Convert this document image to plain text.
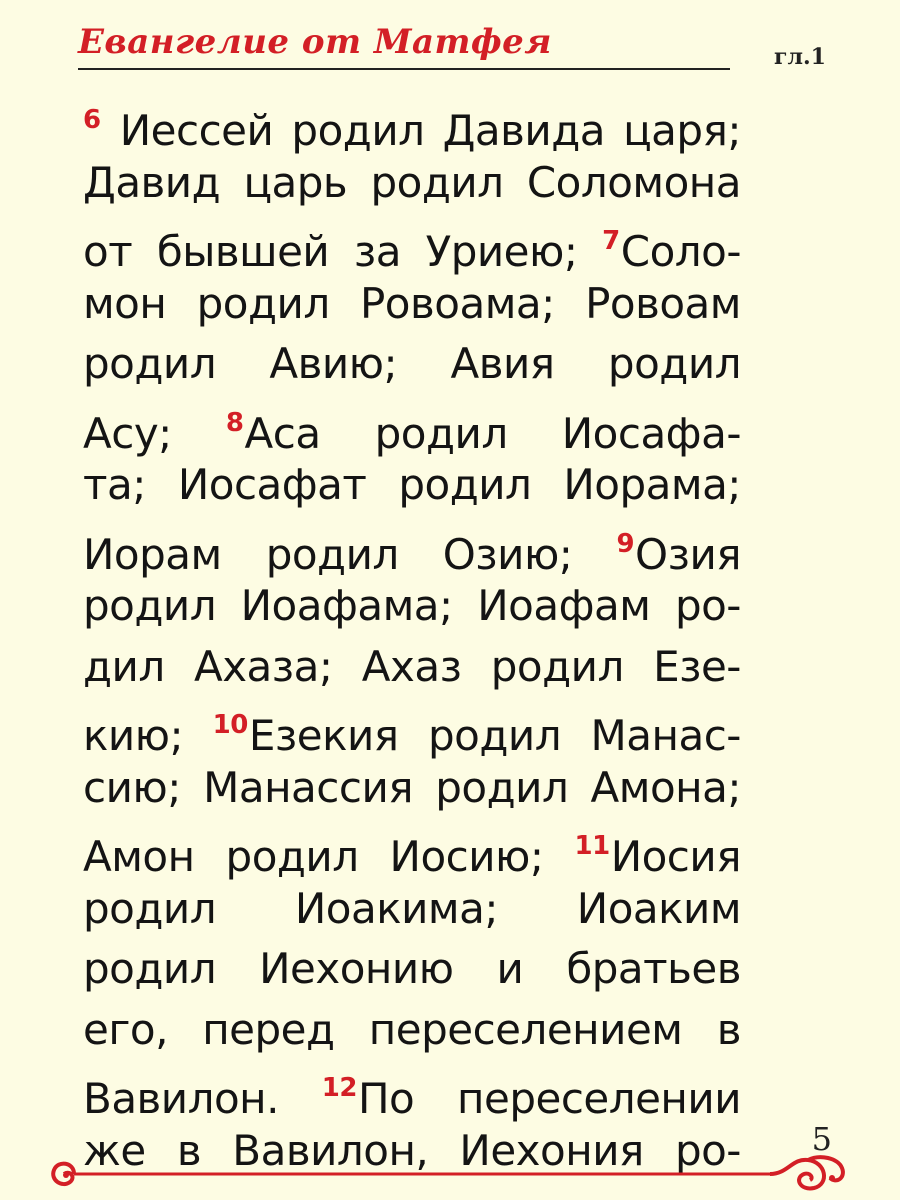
Евангелие от Матфея	гл.1
$^6$ Иессей родил Давида царя;
Давид царь родил Соломона
от бывшей за Уриею; $^7$Соло-
мон родил Ровоама; Ровоам
родил Авию; Авия родил
Асу; $^8$Аса родил Иосафа-
та; Иосафат родил Иорама;
Иорам родил Озию; $^9$Озия
родил Иоафама; Иоафам ро-
дил Ахаза; Ахаз родил Езе-
кию; $^{10}$Езекия родил Манас-
сию; Манассия родил Амона;
Амон родил Иосию; $^{11}$Иосия
родил Иоакима; Иоаким
родил Иехонию и братьев
его, перед переселением в
Вавилон. $^{12}$По переселении
же в Вавилон, Иехония ро- 5
